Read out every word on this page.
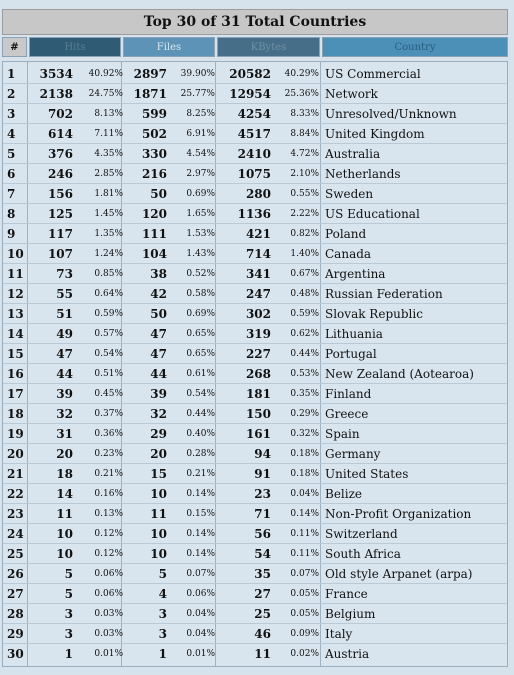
Top 30 of 31 Total Countries
#	Hits	Files	KBytes	Country
1	3534	40.92% 2897	39.90%	20582	40.29% US Commercial
2	2138	24.75% 1871	25.77%	12954	25.36% Network
3	702	8.13%	599	8.25%	4254	8.33% Unresolved/Unknown
4	614	7.11%	502	6.91%	4517	8.84% United Kingdom
5	376	4.35%	330	4.54%	2410	4.72% Australia
6	246	2.85%	216	2.97%	1075	2.10% Netherlands
7	156	1.81%	50	0.69%	280	0.55% Sweden
8	125	1.45%	120	1.65%	1136	2.22% US Educational
9	117	1.35%	111	1.53%	421	0.82% Poland
10	107	1.24%	104	1.43%	714	1.40% Canada
11	73	0.85%	38	0.52%	341	0.67% Argentina
12	55	0.64%	42	0.58%	247	0.48% Russian Federation
13	51	0.59%	50	0.69%	302	0.59% Slovak Republic
14	49	0.57%	47	0.65%	319	0.62% Lithuania
15	47	0.54%	47	0.65%	227	0.44% Portugal
16	44	0.51%	44	0.61%	268	0.53% New Zealand (Aotearoa)
17	39	0.45%	39	0.54%	181	0.35% Finland
18	32	0.37%	32	0.44%	150	0.29% Greece
19	31	0.36%	29	0.40%	161	0.32% Spain
20	20	0.23%	20	0.28%	94	0.18% Germany
21	18	0.21%	15	0.21%	91	0.18% United States
22	14	0.16%	10	0.14%	23	0.04% Belize
23	11	0.13%	11	0.15%	71	0.14% Non-Profit Organization
24	10	0.12%	10	0.14%	56	0.11% Switzerland
25	10	0.12%	10	0.14%	54	0.11% South Africa
26	5	0.06%	5	0.07%	35	0.07% Old style Arpanet (arpa)
27	5	0.06%	4	0.06%	27	0.05% France
28	3	0.03%	3	0.04%	25	0.05% Belgium
29	3	0.03%	3	0.04%	46	0.09% Italy
30	1	0.01%	1	0.01%	11	0.02% Austria
